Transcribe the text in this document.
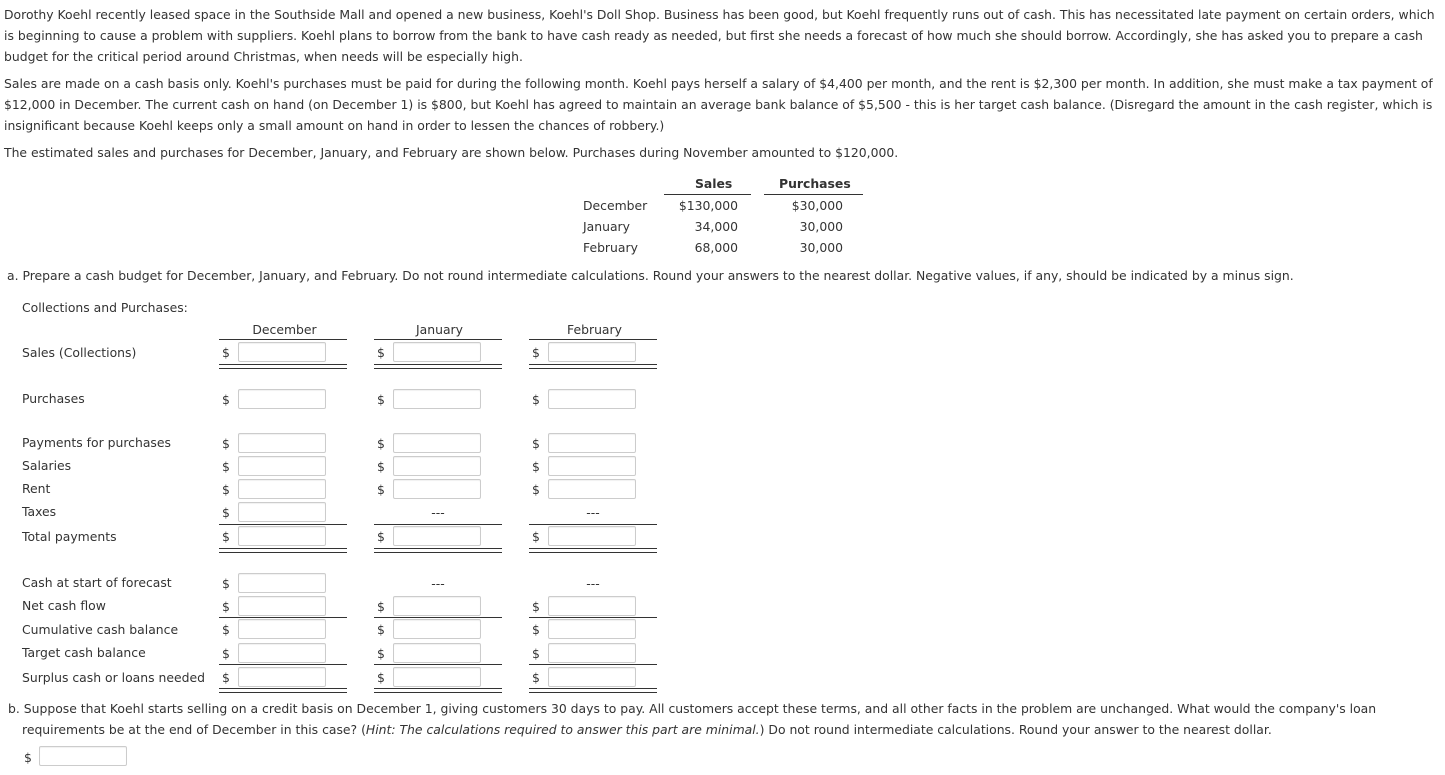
Dorothy Koehl recently leased space in the Southside Mall and opened a new business, Koehl's Doll Shop. Business has been good, but Koehl frequently runs out of cash. This has necessitated late payment on certain orders, which is beginning to cause a problem with suppliers. Koehl plans to borrow from the bank to have cash ready as needed, but first she needs a forecast of how much she should borrow. Accordingly, she has asked you to prepare a cash budget for the critical period around Christmas, when needs will be especially high.
Sales are made on a cash basis only. Koehl's purchases must be paid for during the following month. Koehl pays herself a salary of $4,400 per month, and the rent is $2,300 per month. In addition, she must make a tax payment of $12,000 in December. The current cash on hand (on December 1) is $800, but Koehl has agreed to maintain an average bank balance of $5,500 - this is her target cash balance. (Disregard the amount in the cash register, which is insignificant because Koehl keeps only a small amount on hand in order to lessen the chances of robbery.)
The estimated sales and purchases for December, January, and February are shown below. Purchases during November amounted to $120,000.
Sales	Purchases
December	$130,000	$30,000
January	34,000	30,000
February	68,000	30,000
a. Prepare a cash budget for December, January, and February. Do not round intermediate calculations. Round your answers to the nearest dollar. Negative values, if any, should be indicated by a minus sign.
Collections and Purchases:
December	January	February
Sales (Collections)	$	$	$
Purchases	$	$	$
Payments for purchases	$	$	$
Salaries	$	$	$
Rent	$	$	$
Taxes	$	---	---
Total payments	$	$	$
Cash at start of forecast	$	---	---
Net cash flow	$	$	$
Cumulative cash balance	$	$	$
Target cash balance	$	$	$
Surplus cash or loans needed $	$	$
b. Suppose that Koehl starts selling on a credit basis on December 1, giving customers 30 days to pay. All customers accept these terms, and all other facts in the problem are unchanged. What would the company's loan requirements be at the end of December in this case? (Hint: The calculations required to answer this part are minimal.) Do not round intermediate calculations. Round your answer to the nearest dollar.
$
